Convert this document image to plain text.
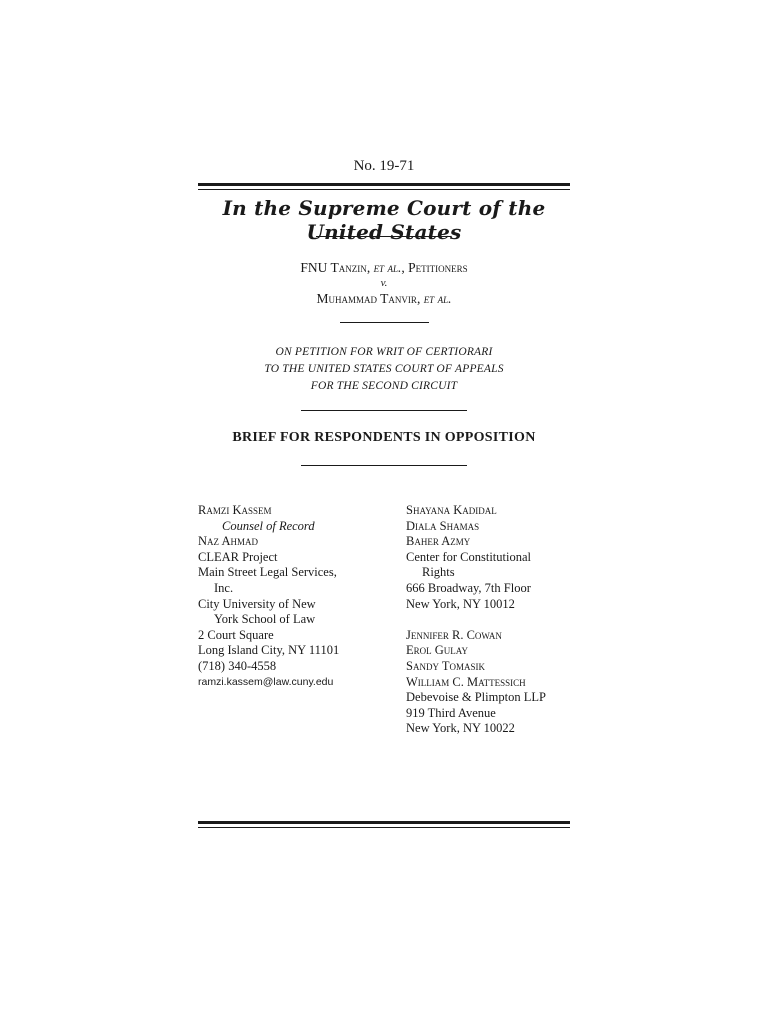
No. 19-71
In the Supreme Court of the United States
FNU Tanzin, et al., Petitioners
v.
Muhammad Tanvir, et al.
ON PETITION FOR WRIT OF CERTIORARI
TO THE UNITED STATES COURT OF APPEALS
FOR THE SECOND CIRCUIT
BRIEF FOR RESPONDENTS IN OPPOSITION
Ramzi Kassem
Counsel of Record
Naz Ahmad
CLEAR Project
Main Street Legal Services,
Inc.
City University of New
York School of Law
2 Court Square
Long Island City, NY 11101
(718) 340-4558
ramzi.kassem@law.cuny.edu
Shayana Kadidal
Diala Shamas
Baher Azmy
Center for Constitutional
Rights
666 Broadway, 7th Floor
New York, NY 10012
Jennifer R. Cowan
Erol Gulay
Sandy Tomasik
William C. Mattessich
Debevoise & Plimpton LLP
919 Third Avenue
New York, NY 10022
